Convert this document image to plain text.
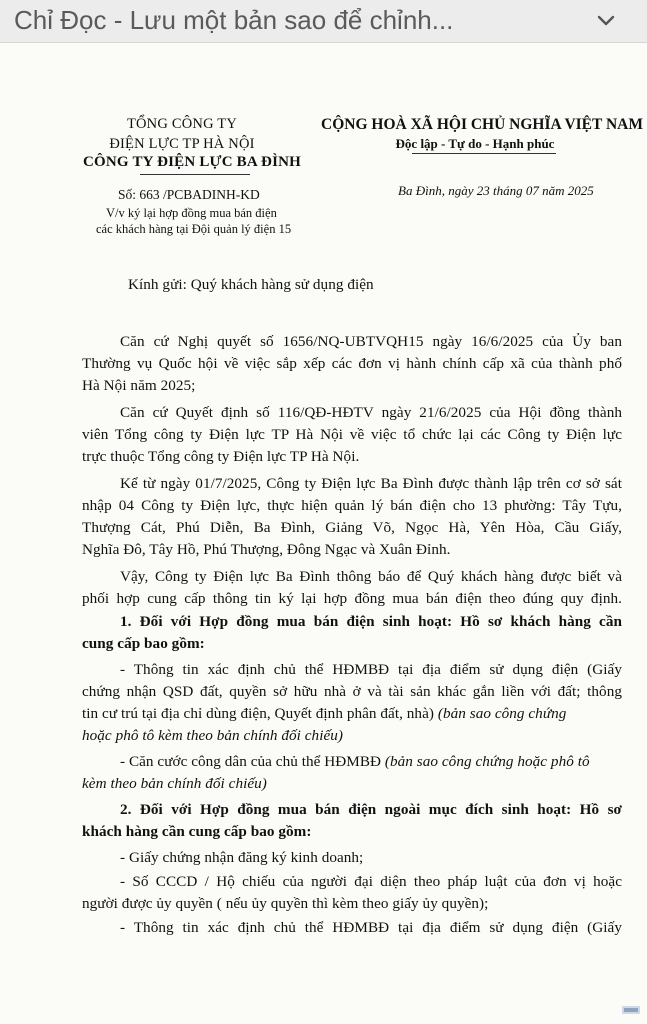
Chỉ Đọc - Lưu một bản sao để chỉnh...
TỔNG CÔNG TY
ĐIỆN LỰC TP HÀ NỘI
CÔNG TY ĐIỆN LỰC BA ĐÌNH
CỘNG HOÀ XÃ HỘI CHỦ NGHĨA VIỆT NAM
Độc lập - Tự do - Hạnh phúc
Số: 663 /PCBADINH-KD
V/v ký lại hợp đồng mua bán điện
các khách hàng tại Đội quản lý điện 15
Ba Đình, ngày 23 tháng 07 năm 2025
Kính gửi: Quý khách hàng sử dụng điện
Căn cứ Nghị quyết số 1656/NQ-UBTVQH15 ngày 16/6/2025 của Ủy ban
Thường vụ Quốc hội về việc sắp xếp các đơn vị hành chính cấp xã của thành phố
Hà Nội năm 2025;
Căn cứ Quyết định số 116/QĐ-HĐTV ngày 21/6/2025 của Hội đồng thành
viên Tổng công ty Điện lực TP Hà Nội về việc tổ chức lại các Công ty Điện lực
trực thuộc Tổng công ty Điện lực TP Hà Nội.
Kể từ ngày 01/7/2025, Công ty Điện lực Ba Đình được thành lập trên cơ sở sát
nhập 04 Công ty Điện lực, thực hiện quản lý bán điện cho 13 phường: Tây Tựu,
Thượng Cát, Phú Diễn, Ba Đình, Giảng Võ, Ngọc Hà, Yên Hòa, Cầu Giấy,
Nghĩa Đô, Tây Hồ, Phú Thượng, Đông Ngạc và Xuân Đỉnh.
Vậy, Công ty Điện lực Ba Đình thông báo để Quý khách hàng được biết và
phối hợp cung cấp thông tin ký lại hợp đồng mua bán điện theo đúng quy định.
1. Đối với Hợp đồng mua bán điện sinh hoạt: Hồ sơ khách hàng cần
cung cấp bao gồm:
- Thông tin xác định chủ thể HĐMBĐ tại địa điểm sử dụng điện (Giấy
chứng nhận QSD đất, quyền sở hữu nhà ở và tài sản khác gắn liền với đất; thông
tin cư trú tại địa chỉ dùng điện, Quyết định phân đất, nhà) (bản sao công chứng
hoặc phô tô kèm theo bản chính đối chiếu)
- Căn cước công dân của chủ thể HĐMBĐ (bản sao công chứng hoặc phô tô
kèm theo bản chính đối chiếu)
2. Đối với Hợp đồng mua bán điện ngoài mục đích sinh hoạt: Hồ sơ
khách hàng cần cung cấp bao gồm:
- Giấy chứng nhận đăng ký kinh doanh;
- Số CCCD / Hộ chiếu của người đại diện theo pháp luật của đơn vị hoặc
người được ủy quyền ( nếu ủy quyền thì kèm theo giấy ủy quyền);
- Thông tin xác định chủ thể HĐMBĐ tại địa điểm sử dụng điện (Giấy
